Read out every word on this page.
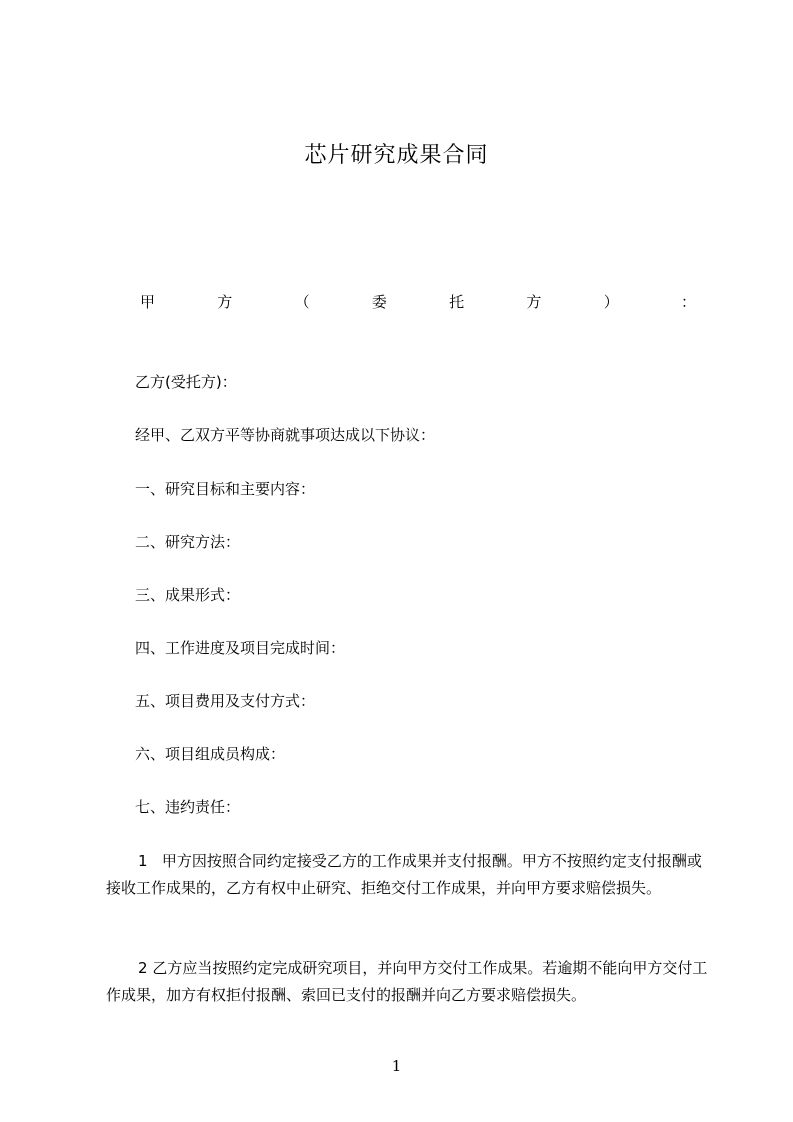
芯片研究成果合同
甲	方	（	委	托	方	）	：
乙方(受托方)：
经甲、乙双方平等协商就事项达成以下协议：
一、研究目标和主要内容：
二、研究方法：
三、成果形式：
四、工作进度及项目完成时间：
五、项目费用及支付方式：
六、项目组成员构成：
七、违约责任：
1 甲方因按照合同约定接受乙方的工作成果并支付报酬。甲方不按照约定支付报酬或接收工作成果的，乙方有权中止研究、拒绝交付工作成果，并向甲方要求赔偿损失。
2 乙方应当按照约定完成研究项目，并向甲方交付工作成果。若逾期不能向甲方交付工作成果，加方有权拒付报酬、索回已支付的报酬并向乙方要求赔偿损失。
1
